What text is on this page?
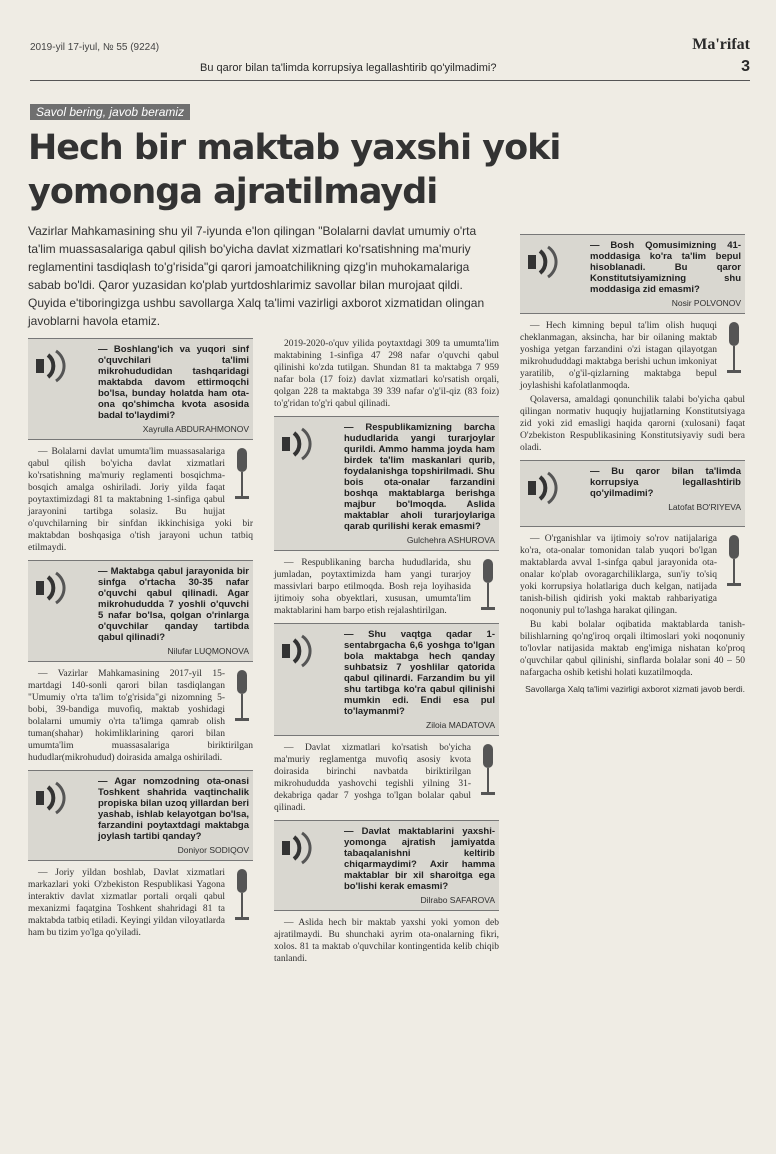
2019-yil 17-iyul, № 55 (9224)	Ma'rifat
Bu qaror bilan ta'limda korrupsiya legallashtirib qo'yilmadimi?	3
Savol bering, javob beramiz
Hech bir maktab yaxshi yoki yomonga ajratilmaydi
Vazirlar Mahkamasining shu yil 7-iyunda e'lon qilingan "Bolalarni davlat umumiy o'rta ta'lim muassasalariga qabul qilish bo'yicha davlat xizmatlari ko'rsatishning ma'muriy reglamentini tasdiqlash to'g'risida"gi qarori jamoatchilikning qizg'in muhokamalariga sabab bo'ldi. Qaror yuzasidan ko'plab yurtdoshlarimiz savollar bilan murojaat qildi. Quyida e'tiboringizga ushbu savollarga Xalq ta'limi vazirligi axborot xizmatidan olingan javoblarni havola etamiz.
— Boshlang'ich va yuqori sinf o'quvchilari ta'limi mikrohududidan tashqaridagi maktabda davom ettirmoqchi bo'lsa, bunday holatda ham ota-ona qo'shimcha kvota asosida badal to'laydimi?
Xayrulla ABDURAHMONOV

— Bolalarni davlat umumta'lim muassasalariga qabul qilish bo'yicha davlat xizmatlari ko'rsatishning ma'muriy reglamenti bosqichma-bosqich amalga oshiriladi. Joriy yilda faqat poytaxtimizdagi 81 ta maktabning 1-sinfiga qabul jarayonini tartibga solasiz. Bu hujjat o'quvchilarning bir sinfdan ikkinchisiga yoki bir maktabdan boshqasiga o'tish jarayoni uchun tatbiq etilmaydi.

— Maktabga qabul jarayonida bir sinfga o'rtacha 30-35 nafar o'quvchi qabul qilinadi. Agar mikrohududda 7 yoshli o'quvchi 5 nafar bo'lsa, qolgan o'rinlarga o'quvchilar qanday tartibda qabul qilinadi?
Nilufar LUQMONOVA

— Vazirlar Mahkamasining 2017-yil 15-martdagi 140-sonli qarori bilan tasdiqlangan "Umumiy o'rta ta'lim to'g'risida"gi nizomning 5-bobi, 39-bandiga muvofiq, maktab yoshidagi bolalarni umumiy o'rta ta'limga qamrab olish tuman(shahar) hokimliklarining qarori bilan umumta'lim muassasalariga biriktirilgan hududlar(mikrohudud) doirasida amalga oshiriladi.

— Agar nomzodning ota-onasi Toshkent shahrida vaqtinchalik propiska bilan uzoq yillardan beri yashab, ishlab kelayotgan bo'lsa, farzandini poytaxtdagi maktabga joylash tartibi qanday?
Doniyor SODIQOV

— Joriy yildan boshlab, Davlat xizmatlari markazlari yoki O'zbekiston Respublikasi Yagona interaktiv davlat xizmatlar portali orqali qabul mexanizmi faqatgina Toshkent shahridagi 81 ta maktabda tatbiq etiladi. Keyingi yildan viloyatlarda ham bu tizim yo'lga qo'yiladi.

2019-2020-o'quv yilida poytaxtdagi 309 ta umumta'lim maktabining 1-sinfiga 47 298 nafar o'quvchi qabul qilinishi ko'zda tutilgan. Shundan 81 ta maktabga 7 959 nafar bola (17 foiz) davlat xizmatlari ko'rsatish orqali, qolgan 228 ta maktabga 39 339 nafar o'g'il-qiz (83 foiz) to'g'ridan to'g'ri qabul qilinadi.

— Respublikamizning barcha hududlarida yangi turarjoylar qurildi. Ammo hamma joyda ham birdek ta'lim maskanlari qurib, foydalanishga topshirilmadi. Shu bois ota-onalar farzandini boshqa maktablarga berishga majbur bo'lmoqda. Aslida maktablar aholi turarjoylariga qarab qurilishi kerak emasmi?
Gulchehra ASHUROVA

— Respublikaning barcha hududlarida, shu jumladan, poytaxtimizda ham yangi turarjoy massivlari barpo etilmoqda. Bosh reja loyihasida ijtimoiy soha obyektlari, xususan, umumta'lim maktablarini ham barpo etish rejalashtirilgan.

— Shu vaqtga qadar 1-sentabrgacha 6,6 yoshga to'lgan bola maktabga hech qanday suhbatsiz 7 yoshlilar qatorida qabul qilinardi. Farzandim bu yil shu tartibga ko'ra qabul qilinishi mumkin edi. Endi esa pul to'laymanmi?
Ziloia MADATOVA

— Davlat xizmatlari ko'rsatish bo'yicha ma'muriy reglamentga muvofiq asosiy kvota doirasida birinchi navbatda biriktirilgan mikrohududda yashovchi tegishli yilning 31-dekabriga qadar 7 yoshga to'lgan bolalar qabul qilinadi.

— Davlat maktablarini yaxshi-yomonga ajratish jamiyatda tabaqalanishni keltirib chiqarmaydimi? Axir hamma maktablar bir xil sharoitga ega bo'lishi kerak emasmi?
Dilrabo SAFAROVA

— Aslida hech bir maktab yaxshi yoki yomon deb ajratilmaydi. Bu shunchaki ayrim ota-onalarning fikri, xolos. 81 ta maktab o'quvchilar kontingentida kelib chiqib tanlandi.

— Bosh Qomusimizning 41-moddasiga ko'ra ta'lim bepul hisoblanadi. Bu qaror Konstitutsiyamizning shu moddasiga zid emasmi?
Nosir POLVONOV

— Hech kimning bepul ta'lim olish huquqi cheklanmagan, aksincha, har bir oilaning maktab yoshiga yetgan farzandini o'zi istagan qilayotgan mikrohududdagi maktabga berishi uchun imkoniyat yaratilib, o'g'il-qizlarning maktabga bepul joylashishi kafolatlanmoqda.

Qolaversa, amaldagi qonunchilik talabi bo'yicha qabul qilingan normativ huquqiy hujjatlarning Konstitutsiyaga zid yoki zid emasligi haqida qarorni (xulosani) faqat O'zbekiston Respublikasining Konstitutsiyaviy sudi bera oladi.

— Bu qaror bilan ta'limda korrupsiya legallashtirib qo'yilmadimi?
Latofat BO'RIYEVA

— O'rganishlar va ijtimoiy so'rov natijalariga ko'ra, ota-onalar tomonidan talab yuqori bo'lgan maktablarda avval 1-sinfga qabul jarayonida ota-onalar ko'plab ovoragarchiliklarga, sun'iy to'siq yoki korrupsiya holatlariga duch kelgan, natijada tanish-bilish qidirish yoki maktab rahbariyatiga noqonuniy pul to'lashga harakat qilingan.

Bu kabi bolalar oqibatida maktablarda tanish-bilishlarning qo'ng'iroq orqali iltimoslari yoki noqonuniy to'lovlar natijasida maktab eng'imiga nishatan ko'proq o'quvchilar qabul qilinishi, sinflarda bolalar soni 40 – 50 nafargacha oshib ketishi holati kuzatilmoqda.

Savollarga Xalq ta'limi vazirligi axborot xizmati javob berdi.
